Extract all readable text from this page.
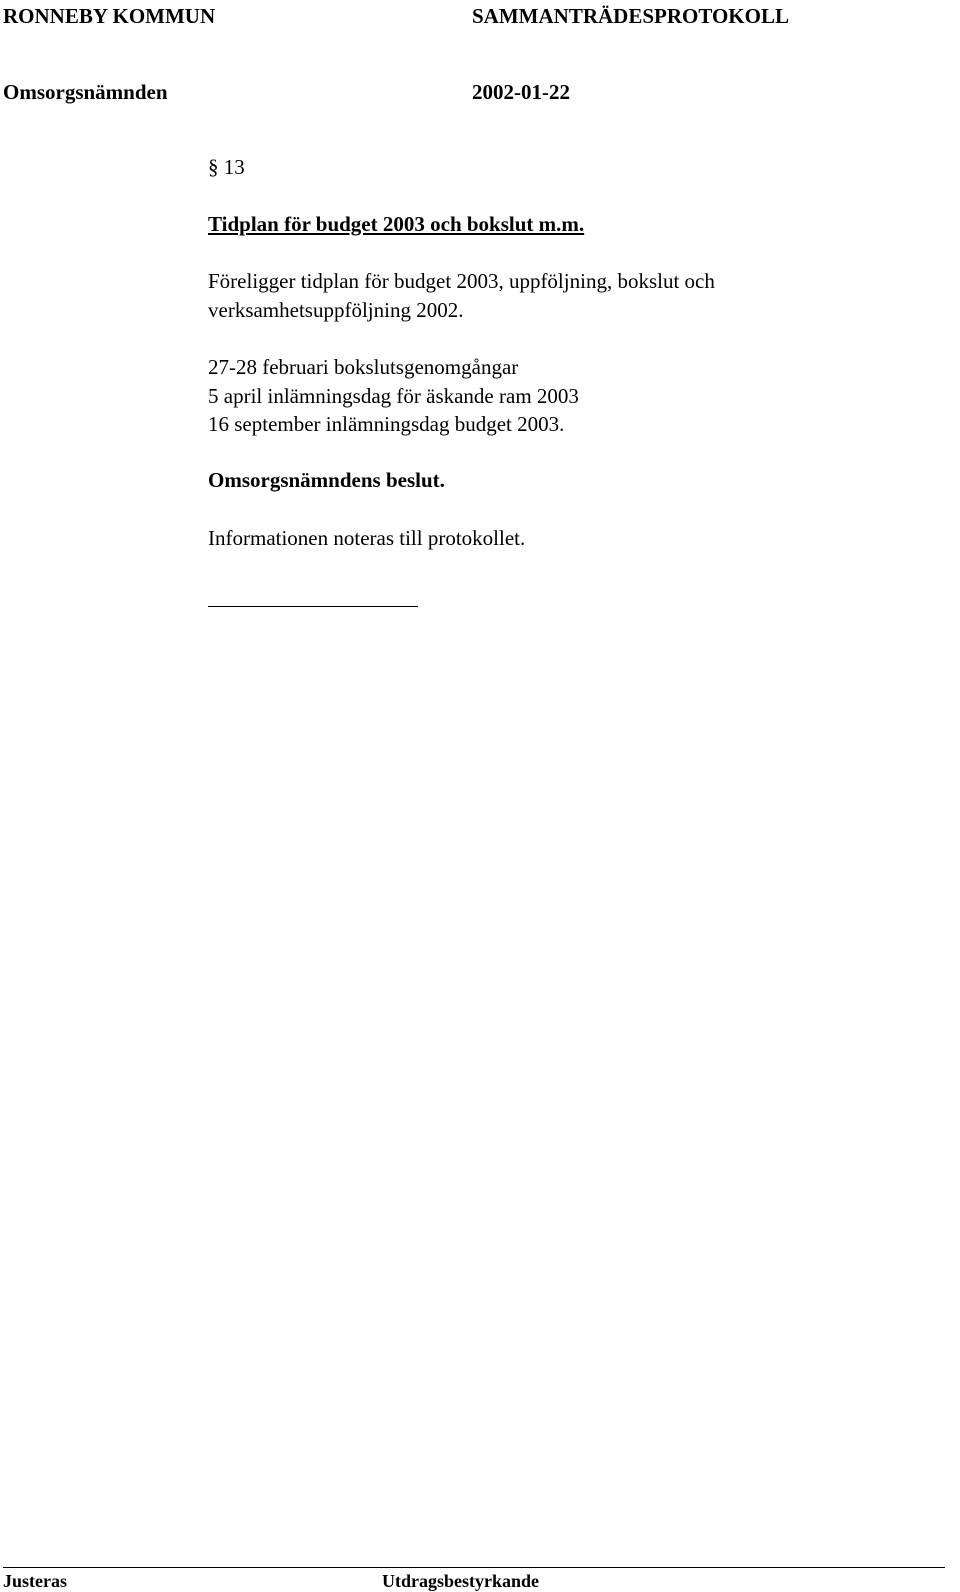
RONNEBY KOMMUN	SAMMANTRÄDESPROTOKOLL
Omsorgsnämnden	2002-01-22
§ 13
Tidplan för budget 2003 och bokslut m.m.
Föreligger tidplan för budget 2003, uppföljning, bokslut och
verksamhetsuppföljning 2002.
27-28 februari bokslutsgenomgångar
5 april inlämningsdag för äskande ram 2003
16 september inlämningsdag budget 2003.
Omsorgsnämndens beslut.
Informationen noteras till protokollet.
Justeras	Utdragsbestyrkande
